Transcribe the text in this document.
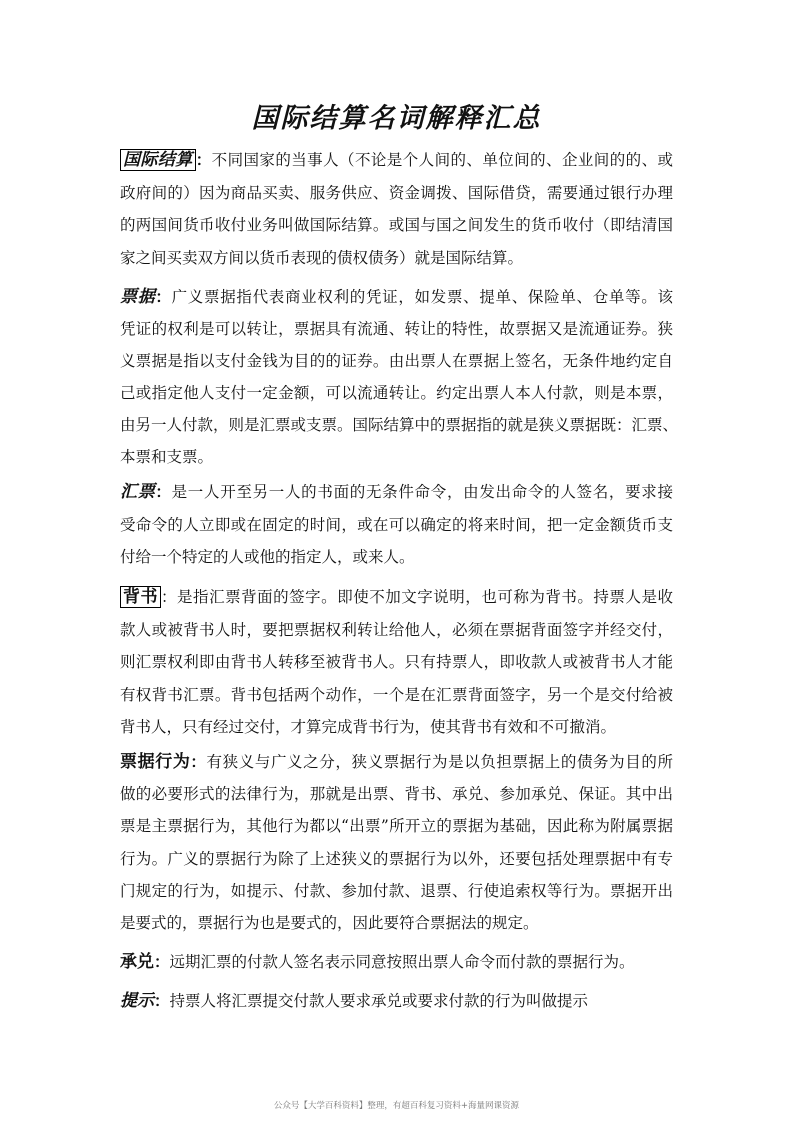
国际结算名词解释汇总
国际结算 ：不同国家的当事人（不论是个人间的、单位间的、企业间的的、或
政府间的）因为商品买卖、服务供应、资金调拨、国际借贷，需要通过银行办理
的两国间货币收付业务叫做国际结算。或国与国之间发生的货币收付（即结清国
家之间买卖双方间以货币表现的债权债务）就是国际结算。
票据：广义票据指代表商业权利的凭证，如发票、提单、保险单、仓单等。该
凭证的权利是可以转让，票据具有流通、转让的特性，故票据又是流通证券。狭
义票据是指以支付金钱为目的的证券。由出票人在票据上签名，无条件地约定自
己或指定他人支付一定金额，可以流通转让。约定出票人本人付款，则是本票，
由另一人付款，则是汇票或支票。国际结算中的票据指的就是狭义票据既：汇票、
本票和支票。
汇票：是一人开至另一人的书面的无条件命令，由发出命令的人签名，要求接
受命令的人立即或在固定的时间，或在可以确定的将来时间，把一定金额货币支
付给一个特定的人或他的指定人，或来人。
背书 ：是指汇票背面的签字。即使不加文字说明，也可称为背书。持票人是收
款人或被背书人时，要把票据权利转让给他人，必须在票据背面签字并经交付，
则汇票权利即由背书人转移至被背书人。只有持票人，即收款人或被背书人才能
有权背书汇票。背书包括两个动作，一个是在汇票背面签字，另一个是交付给被
背书人，只有经过交付，才算完成背书行为，使其背书有效和不可撤消。
票据行为：有狭义与广义之分，狭义票据行为是以负担票据上的债务为目的所
做的必要形式的法律行为，那就是出票、背书、承兑、参加承兑、保证。其中出
票是主票据行为，其他行为都以“出票”所开立的票据为基础，因此称为附属票据
行为。广义的票据行为除了上述狭义的票据行为以外，还要包括处理票据中有专
门规定的行为，如提示、付款、参加付款、退票、行使追索权等行为。票据开出
是要式的，票据行为也是要式的，因此要符合票据法的规定。
承兑：远期汇票的付款人签名表示同意按照出票人命令而付款的票据行为。
提示：持票人将汇票提交付款人要求承兑或要求付款的行为叫做提示
公众号【大学百科资料】整理，有超百科复习资料+海量网课资源
